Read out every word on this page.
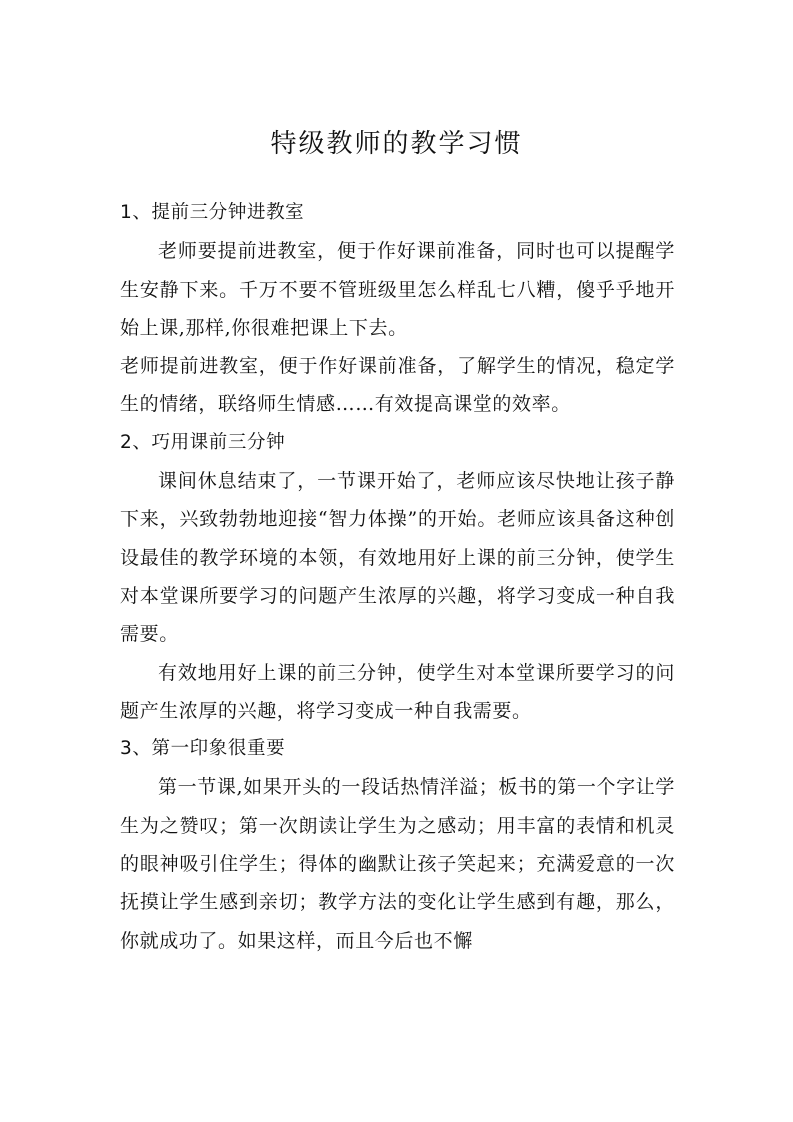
特级教师的教学习惯

1、提前三分钟进教室

老师要提前进教室，便于作好课前准备，同时也可以提醒学生安静下来。千万不要不管班级里怎么样乱七八糟，傻乎乎地开始上课,那样,你很难把课上下去。

老师提前进教室，便于作好课前准备，了解学生的情况，稳定学生的情绪，联络师生情感……有效提高课堂的效率。

2、巧用课前三分钟

课间休息结束了，一节课开始了，老师应该尽快地让孩子静下来，兴致勃勃地迎接“智力体操”的开始。老师应该具备这种创设最佳的教学环境的本领，有效地用好上课的前三分钟，使学生对本堂课所要学习的问题产生浓厚的兴趣，将学习变成一种自我需要。

有效地用好上课的前三分钟，使学生对本堂课所要学习的问题产生浓厚的兴趣，将学习变成一种自我需要。

3、第一印象很重要

第一节课,如果开头的一段话热情洋溢；板书的第一个字让学生为之赞叹；第一次朗读让学生为之感动；用丰富的表情和机灵的眼神吸引住学生；得体的幽默让孩子笑起来；充满爱意的一次抚摸让学生感到亲切；教学方法的变化让学生感到有趣，那么，你就成功了。如果这样，而且今后也不懈
